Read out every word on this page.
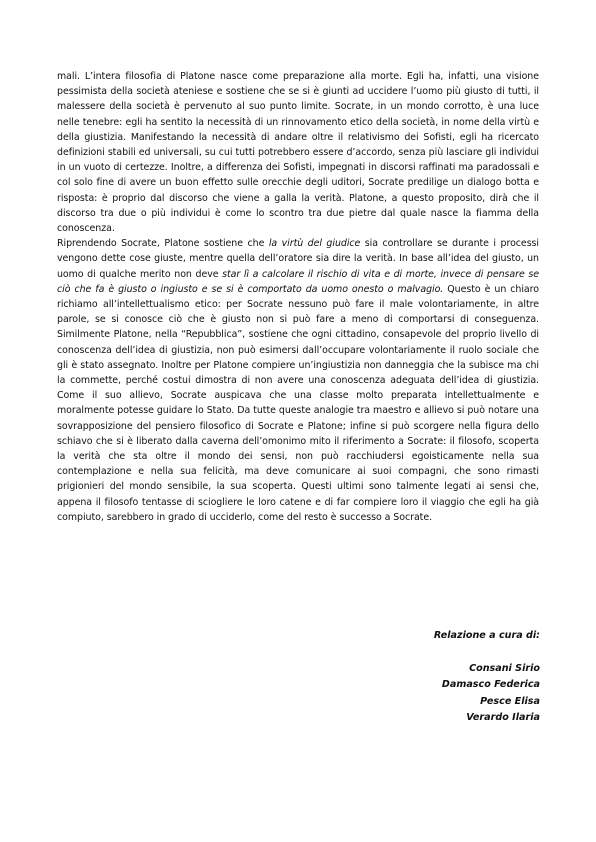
mali. L’intera filosofia di Platone nasce come preparazione alla morte. Egli ha, infatti, una visione pessimista della società ateniese e sostiene che se si è giunti ad uccidere l’uomo più giusto di tutti, il malessere della società è pervenuto al suo punto limite. Socrate, in un mondo corrotto, è una luce nelle tenebre: egli ha sentito la necessità di un rinnovamento etico della società, in nome della virtù e della giustizia. Manifestando la necessità di andare oltre il relativismo dei Sofisti, egli ha ricercato definizioni stabili ed universali, su cui tutti potrebbero essere d’accordo, senza più lasciare gli individui in un vuoto di certezze. Inoltre, a differenza dei Sofisti, impegnati in discorsi raffinati ma paradossali e col solo fine di avere un buon effetto sulle orecchie degli uditori, Socrate predilige un dialogo botta e risposta: è proprio dal discorso che viene a galla la verità. Platone, a questo proposito, dirà che il discorso tra due o più individui è come lo scontro tra due pietre dal quale nasce la fiamma della conoscenza.

Riprendendo Socrate, Platone sostiene che la virtù del giudice sia controllare se durante i processi vengono dette cose giuste, mentre quella dell’oratore sia dire la verità. In base all’idea del giusto, un uomo di qualche merito non deve star lì a calcolare il rischio di vita e di morte, invece di pensare se ciò che fa è giusto o ingiusto e se si è comportato da uomo onesto o malvagio. Questo è un chiaro richiamo all’intellettualismo etico: per Socrate nessuno può fare il male volontariamente, in altre parole, se si conosce ciò che è giusto non si può fare a meno di comportarsi di conseguenza. Similmente Platone, nella “Repubblica”, sostiene che ogni cittadino, consapevole del proprio livello di conoscenza dell’idea di giustizia, non può esimersi dall’occupare volontariamente il ruolo sociale che gli è stato assegnato. Inoltre per Platone compiere un’ingiustizia non danneggia che la subisce ma chi la commette, perché costui dimostra di non avere una conoscenza adeguata dell’idea di giustizia. Come il suo allievo, Socrate auspicava che una classe molto preparata intellettualmente e moralmente potesse guidare lo Stato. Da tutte queste analogie tra maestro e allievo si può notare una sovrapposizione del pensiero filosofico di Socrate e Platone; infine si può scorgere nella figura dello schiavo che si è liberato dalla caverna dell’omonimo mito il riferimento a Socrate: il filosofo, scoperta la verità che sta oltre il mondo dei sensi, non può racchiudersi egoisticamente nella sua contemplazione e nella sua felicità, ma deve comunicare ai suoi compagni, che sono rimasti prigionieri del mondo sensibile, la sua scoperta. Questi ultimi sono talmente legati ai sensi che, appena il filosofo tentasse di sciogliere le loro catene e di far compiere loro il viaggio che egli ha già compiuto, sarebbero in grado di ucciderlo, come del resto è successo a Socrate.

Relazione a cura di:
Consani Sirio
Damasco Federica
Pesce Elisa
Verardo Ilaria
